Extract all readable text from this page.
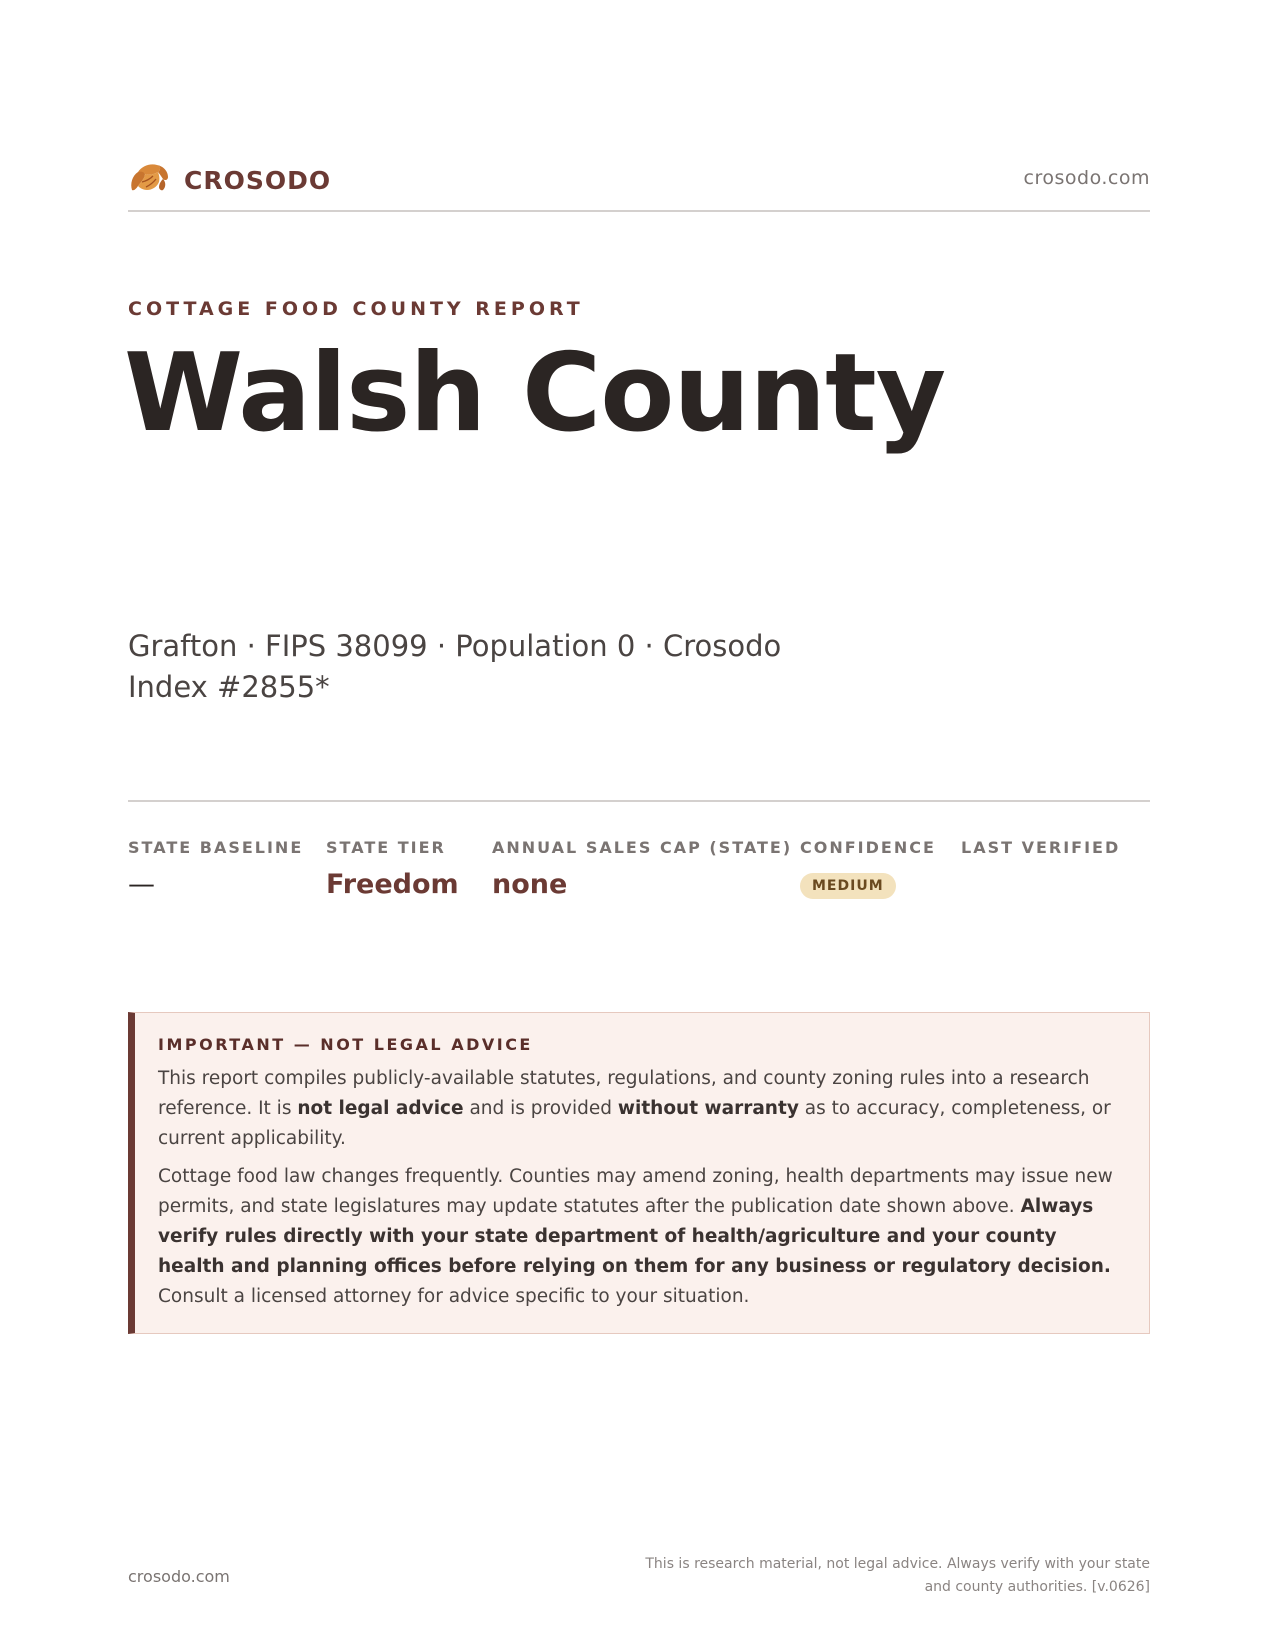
CROSODO	crosodo.com
COTTAGE FOOD COUNTY REPORT
Walsh County
Grafton · FIPS 38099 · Population 0 · Crosodo Index #2855*
STATE BASELINE
—
STATE TIER
Freedom
ANNUAL SALES CAP (STATE)
none
CONFIDENCE
MEDIUM
LAST VERIFIED
IMPORTANT — NOT LEGAL ADVICE

This report compiles publicly-available statutes, regulations, and county zoning rules into a research reference. It is not legal advice and is provided without warranty as to accuracy, completeness, or current applicability.

Cottage food law changes frequently. Counties may amend zoning, health departments may issue new permits, and state legislatures may update statutes after the publication date shown above. Always verify rules directly with your state department of health/agriculture and your county health and planning offices before relying on them for any business or regulatory decision. Consult a licensed attorney for advice specific to your situation.

crosodo.com
This is research material, not legal advice. Always verify with your state and county authorities. [v.0626]
